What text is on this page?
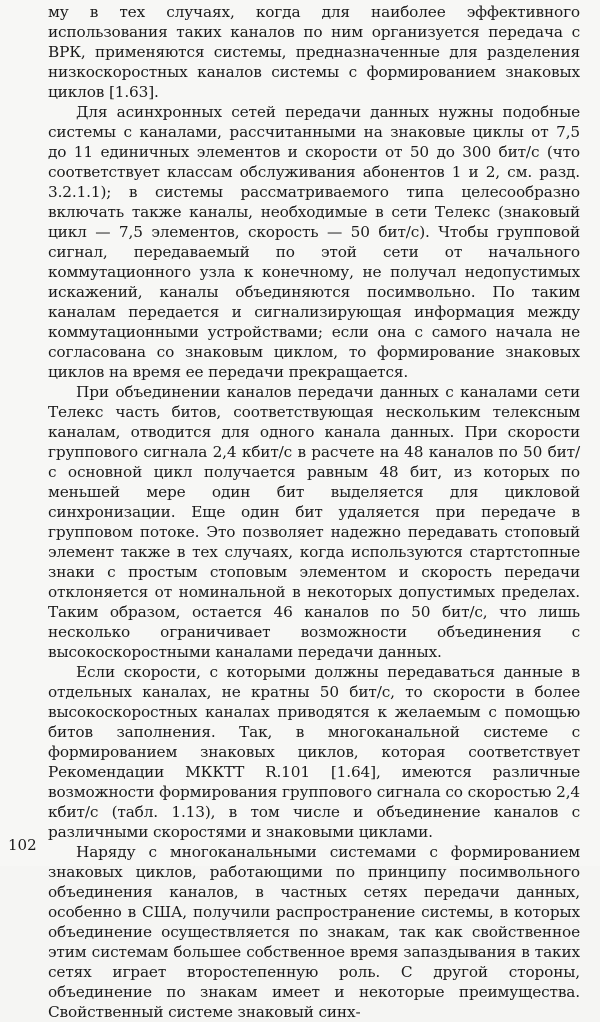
му в тех случаях, когда для наиболее эффективного использования таких каналов по ним организуется передача с ВРК, применяются системы, предназначенные для разделения низкоскоростных каналов системы с формированием знаковых циклов [1.63].

Для асинхронных сетей передачи данных нужны подобные системы с каналами, рассчитанными на знаковые циклы от 7,5 до 11 единичных элементов и скорости от 50 до 300 бит/с (что соответствует классам обслуживания абонентов 1 и 2, см. разд. 3.2.1.1); в системы рассматриваемого типа целесообразно включать также каналы, необходимые в сети Телекс (знаковый цикл — 7,5 элементов, скорость — 50 бит/с). Чтобы групповой сигнал, передаваемый по этой сети от начального коммутационного узла к конечному, не получал недопустимых искажений, каналы объединяются посимвольно. По таким каналам передается и сигнализирующая информация между коммутационными устройствами; если она с самого начала не согласована со знаковым циклом, то формирование знаковых циклов на время ее передачи прекращается.

При объединении каналов передачи данных с каналами сети Телекс часть битов, соответствующая нескольким телексным каналам, отводится для одного канала данных. При скорости группового сигнала 2,4 кбит/с в расчете на 48 каналов по 50 бит/с основной цикл получается равным 48 бит, из которых по меньшей мере один бит выделяется для цикловой синхронизации. Еще один бит удаляется при передаче в групповом потоке. Это позволяет надежно передавать стоповый элемент также в тех случаях, когда используются стартстопные знаки с простым стоповым элементом и скорость передачи отклоняется от номинальной в некоторых допустимых пределах. Таким образом, остается 46 каналов по 50 бит/с, что лишь несколько ограничивает возможности объединения с высокоскоростными каналами передачи данных.

Если скорости, с которыми должны передаваться данные в отдельных каналах, не кратны 50 бит/с, то скорости в более высокоскоростных каналах приводятся к желаемым с помощью битов заполнения. Так, в многоканальной системе с формированием знаковых циклов, которая соответствует Рекомендации МККТТ R.101 [1.64], имеются различные возможности формирования группового сигнала со скоростью 2,4 кбит/с (табл. 1.13), в том числе и объединение каналов с различными скоростями и знаковыми циклами.

Наряду с многоканальными системами с формированием знаковых циклов, работающими по принципу посимвольного объединения каналов, в частных сетях передачи данных, особенно в США, получили распространение системы, в которых объединение осуществляется по знакам, так как свойственное этим системам большее собственное время запаздывания в таких сетях играет второстепенную роль. С другой стороны, объединение по знакам имеет и некоторые преимущества. Свойственный системе знаковый синх-

102
